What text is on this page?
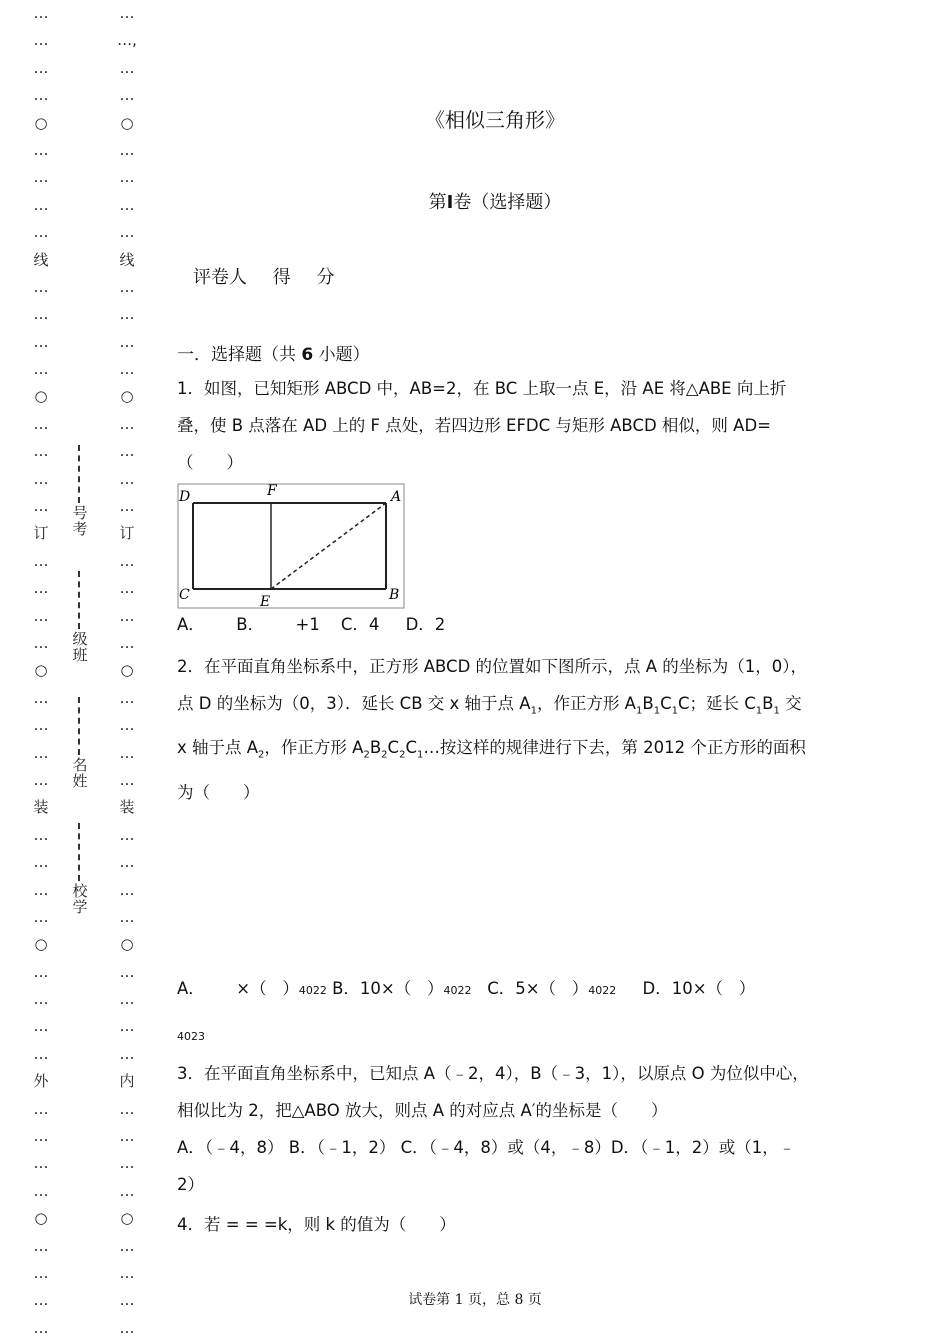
…
…
…
…
○
…
…
…
…
线
…
…
…
…
○
…
…
…
…
订
…
…
…
…
○
…
…
…
…
装
…
…
…
…
○
…
…
…
…
外
…
…
…
…
○
…
…
…
…
…
…,
…
…
○
…
…
…
…
线
…
…
…
…
○
…
…
…
…
订
…
…
…
…
○
…
…
…
…
装
…
…
…
…
○
…
…
…
…
内
…
…
…
…
○
…
…
…
…
号考
级班
名姓
校学
《相似三角形》
第I卷（选择题）
评卷人 得 分
一．选择题（共 6 小题）
1．如图，已知矩形 ABCD 中，AB=2，在 BC 上取一点 E，沿 AE 将△ABE 向上折叠，使 B 点落在 AD 上的 F 点处，若四边形 EFDC 与矩形 ABCD 相似，则 AD=（　　）
D	F	A
C	E	B
A．      B．      +1    C．4     D．2
2．在平面直角坐标系中，正方形 ABCD 的位置如下图所示，点 A 的坐标为（1，0），点 D 的坐标为（0，3）．延长 CB 交 x 轴于点 $A_1$，作正方形 $A_1B_1C_1C$；延长 $C_1B_1$ 交 x 轴于点 $A_2$，作正方形 $A_2B_2C_2C_1\dots$按这样的规律进行下去，第 2012 个正方形的面积为（　　）
A．      ×（   ）4022 B．10×（   ）4022   C．5×（   ）4022     D．10×（   ）
4023
3．在平面直角坐标系中，已知点 A（﹣2，4），B（﹣3，1），以原点 O 为位似中心，相似比为 2，把△ABO 放大，则点 A 的对应点 A′的坐标是（　　）
A．（﹣4，8） B．（﹣1，2） C．（﹣4，8）或（4，﹣8）D．（﹣1，2）或（1，﹣2）
4．若 = = =k，则 k 的值为（　　）
试卷第 1 页，总 8 页
